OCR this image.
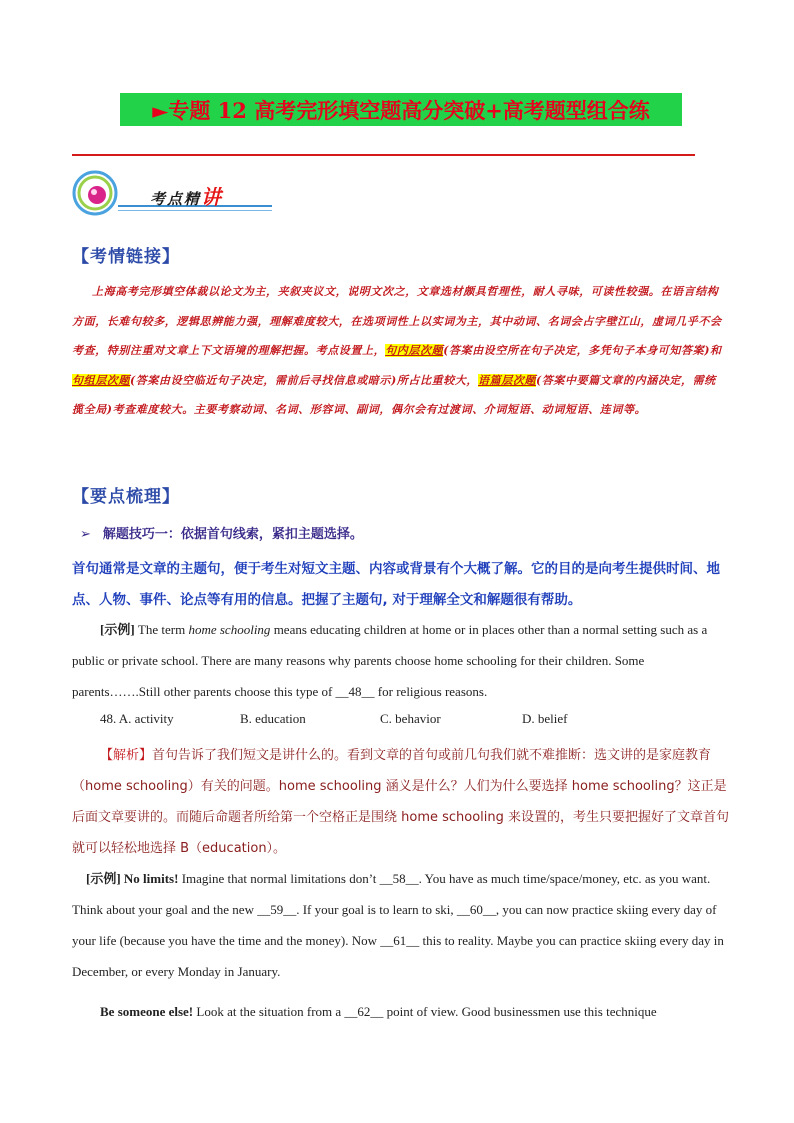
►专题 12 高考完形填空题高分突破+高考题型组合练
考点精讲
【考情链接】
上海高考完形填空体裁以论文为主，夹叙夹议文，说明文次之，文章选材颇具哲理性，耐人寻味，可读性较强。在语言结构方面，长难句较多，逻辑思辨能力强，理解难度较大，在选项词性上以实词为主，其中动词、名词会占字壁江山，虚词几乎不会考查，特别注重对文章上下文语境的理解把握。考点设置上，句内层次题(答案由设空所在句子决定，多凭句子本身可知答案)和句组层次题(答案由设空临近句子决定，需前后寻找信息或暗示)所占比重较大，语篇层次题(答案中要篇文章的内涵决定，需统揽全局)考查难度较大。主要考察动词、名词、形容词、副词，偶尔会有过渡词、介词短语、动词短语、连词等。
【要点梳理】
➢ 解题技巧一：依据首句线索，紧扣主题选择。
首句通常是文章的主题句，便于考生对短文主题、内容或背景有个大概了解。它的目的是向考生提供时间、地点、人物、事件、论点等有用的信息。把握了主题句, 对于理解全文和解题很有帮助。
[示例] The term home schooling means educating children at home or in places other than a normal setting such as a public or private school. There are many reasons why parents choose home schooling for their children. Some parents…….Still other parents choose this type of __48__ for religious reasons.
48. A. activity	B. education	C. behavior	D. belief
【解析】首句告诉了我们短文是讲什么的。看到文章的首句或前几句我们就不难推断：选文讲的是家庭教育（home schooling）有关的问题。home schooling 涵义是什么？人们为什么要选择 home schooling？这正是后面文章要讲的。而随后命题者所给第一个空格正是围绕 home schooling 来设置的，考生只要把握好了文章首句就可以轻松地选择 B（education）。
[示例] No limits! Imagine that normal limitations don’t __58__. You have as much time/space/money, etc. as you want. Think about your goal and the new __59__. If your goal is to learn to ski, __60__, you can now practice skiing every day of your life (because you have the time and the money). Now __61__ this to reality. Maybe you can practice skiing every day in December, or every Monday in January.
Be someone else! Look at the situation from a __62__ point of view. Good businessmen use this technique
